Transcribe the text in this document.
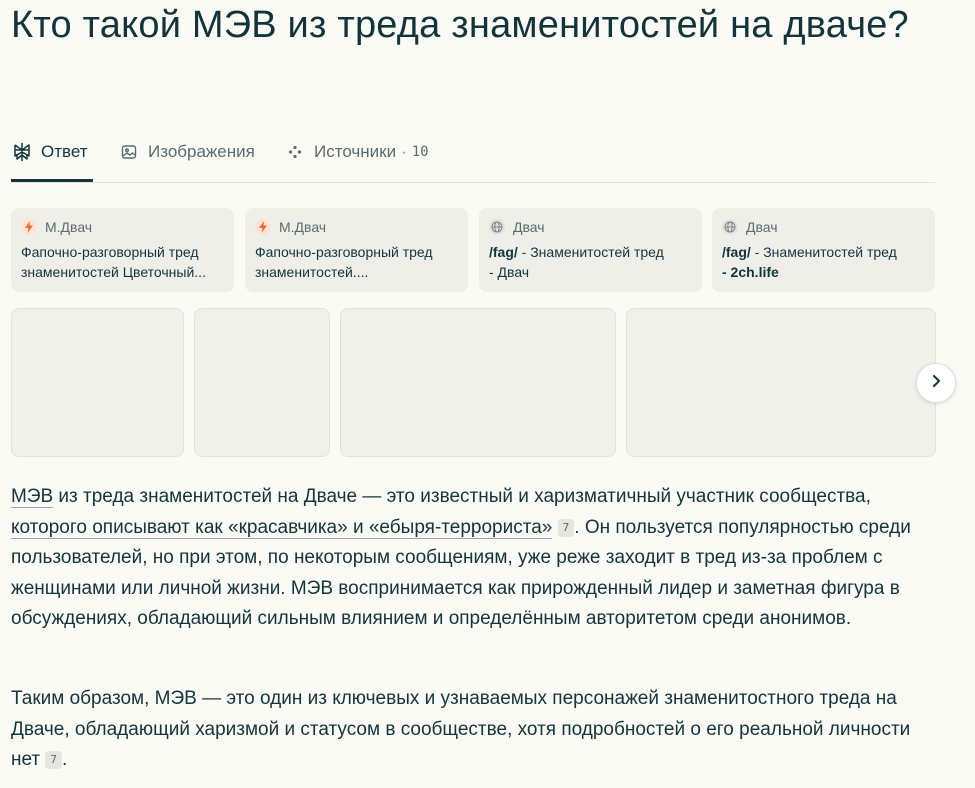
Кто такой МЭВ из треда знаменитостей на дваче?
Ответ	Изображения	Источники · 10
М.Двач
Фапочно-разговорный тред
знаменитостей Цветочный...
М.Двач
Фапочно-разговорный тред
знаменитостей....
Двач
/fag/ - Знаменитостей тред
- Двач
Двач
/fag/ - Знаменитостей тред
- 2ch.life

МЭВ из треда знаменитостей на Дваче — это известный и харизматичный участник сообщества, которого описывают как «красавчика» и «ебыря-террориста» 7 . Он пользуется популярностью среди пользователей, но при этом, по некоторым сообщениям, уже реже заходит в тред из-за проблем с женщинами или личной жизни. МЭВ воспринимается как прирожденный лидер и заметная фигура в обсуждениях, обладающий сильным влиянием и определённым авторитетом среди анонимов.

Таким образом, МЭВ — это один из ключевых и узнаваемых персонажей знаменитостного треда на Дваче, обладающий харизмой и статусом в сообществе, хотя подробностей о его реальной личности нет 7 .
